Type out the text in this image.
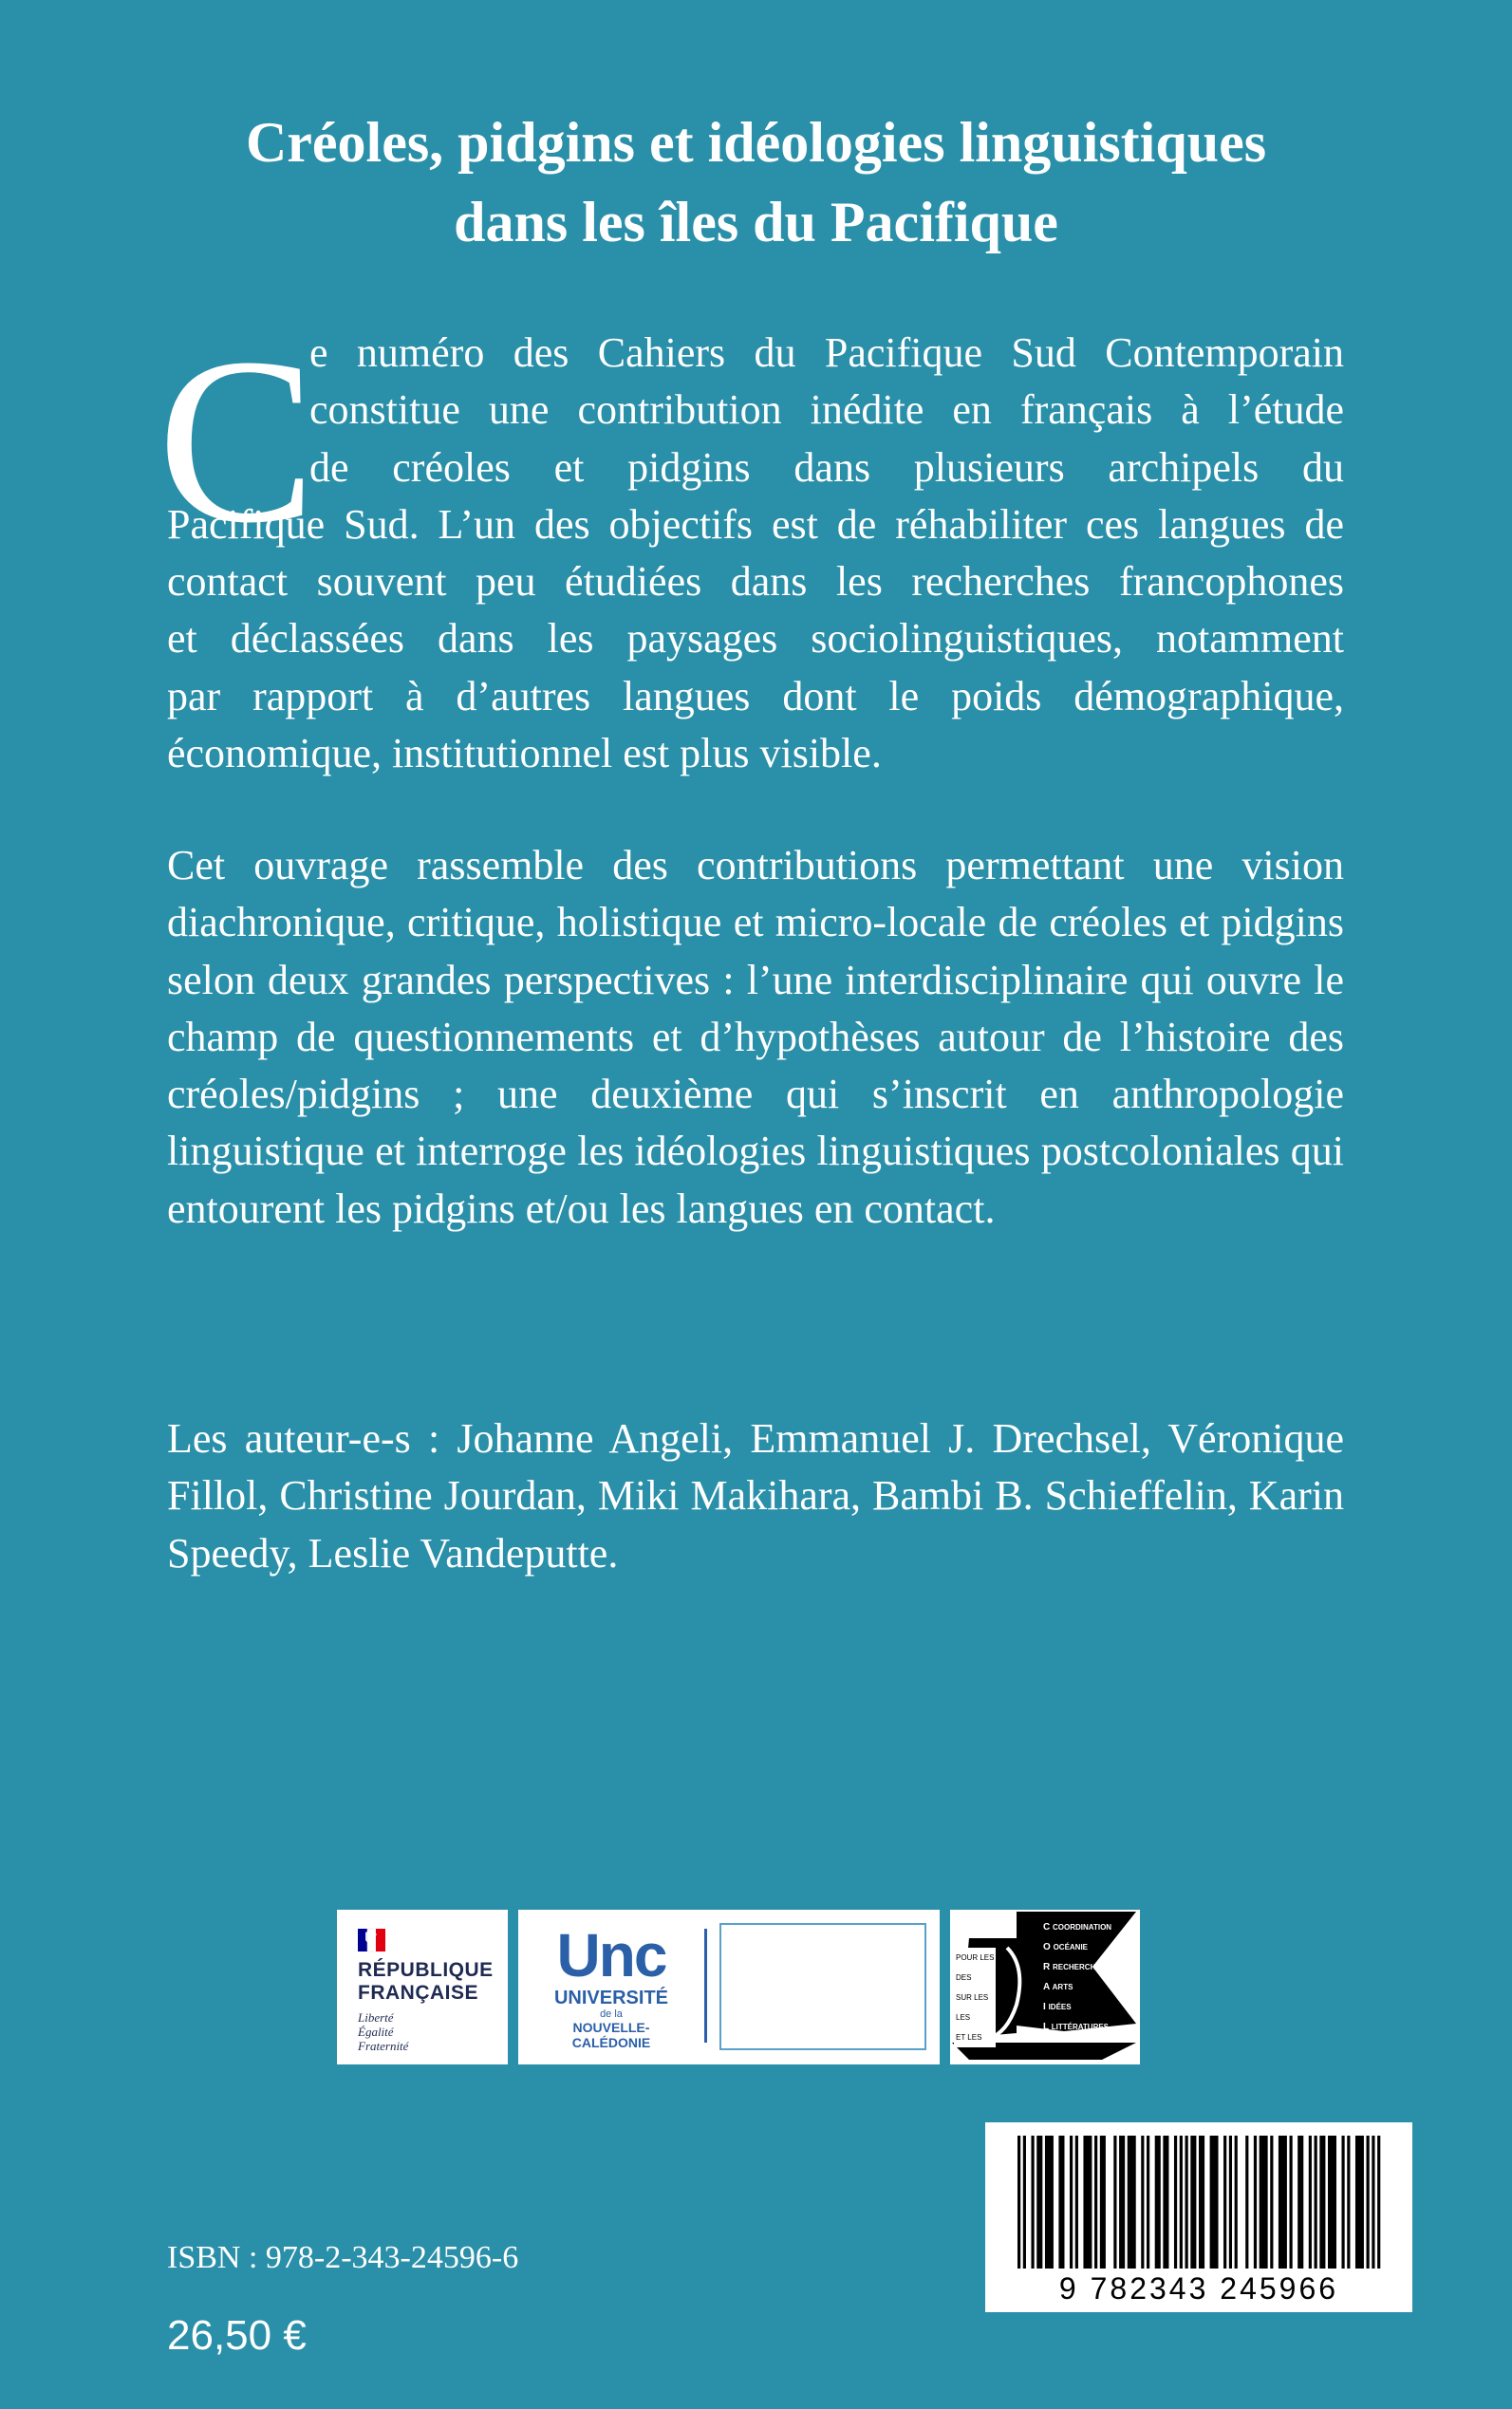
Créoles, pidgins et idéologies linguistiques
dans les îles du Pacifique
C

e numéro des Cahiers du Pacifique Sud Contemporain
constitue une contribution inédite en français à l’étude
de créoles et pidgins dans plusieurs archipels du
Pacifique Sud. L’un des objectifs est de réhabiliter ces langues de
contact souvent peu étudiées dans les recherches francophones
et déclassées dans les paysages sociolinguistiques, notamment
par rapport à d’autres langues dont le poids démographique,
économique, institutionnel est plus visible.

Cet ouvrage rassemble des contributions permettant une vision diachronique, critique, holistique et micro-locale de créoles et pidgins selon deux grandes perspectives : l’une interdisciplinaire qui ouvre le champ de questionnements et d’hypothèses autour de l’histoire des créoles/pidgins ; une deuxième qui s’inscrit en anthropologie linguistique et interroge les idéologies linguistiques postcoloniales qui entourent les pidgins et/ou les langues en contact.

Les auteur-e-s : Johanne Angeli, Emmanuel J. Drechsel, Véronique Fillol, Christine Jourdan, Miki Makihara, Bambi B. Schieffelin, Karin Speedy, Leslie Vandeputte.

RÉPUBLIQUE
FRANÇAISE
Liberté
Égalité
Fraternité
Unc
UNIVERSITÉ
de la
NOUVELLE-CALÉDONIE
POUR LES
DES
SUR LES
LES
ET LES
C COORDINATION
O OCÉANIE
R RECHERCHES
A ARTS
I IDÉES
L LITTÉRATURES
9 782343 245966
ISBN : 978-2-343-24596-6
26,50 €
